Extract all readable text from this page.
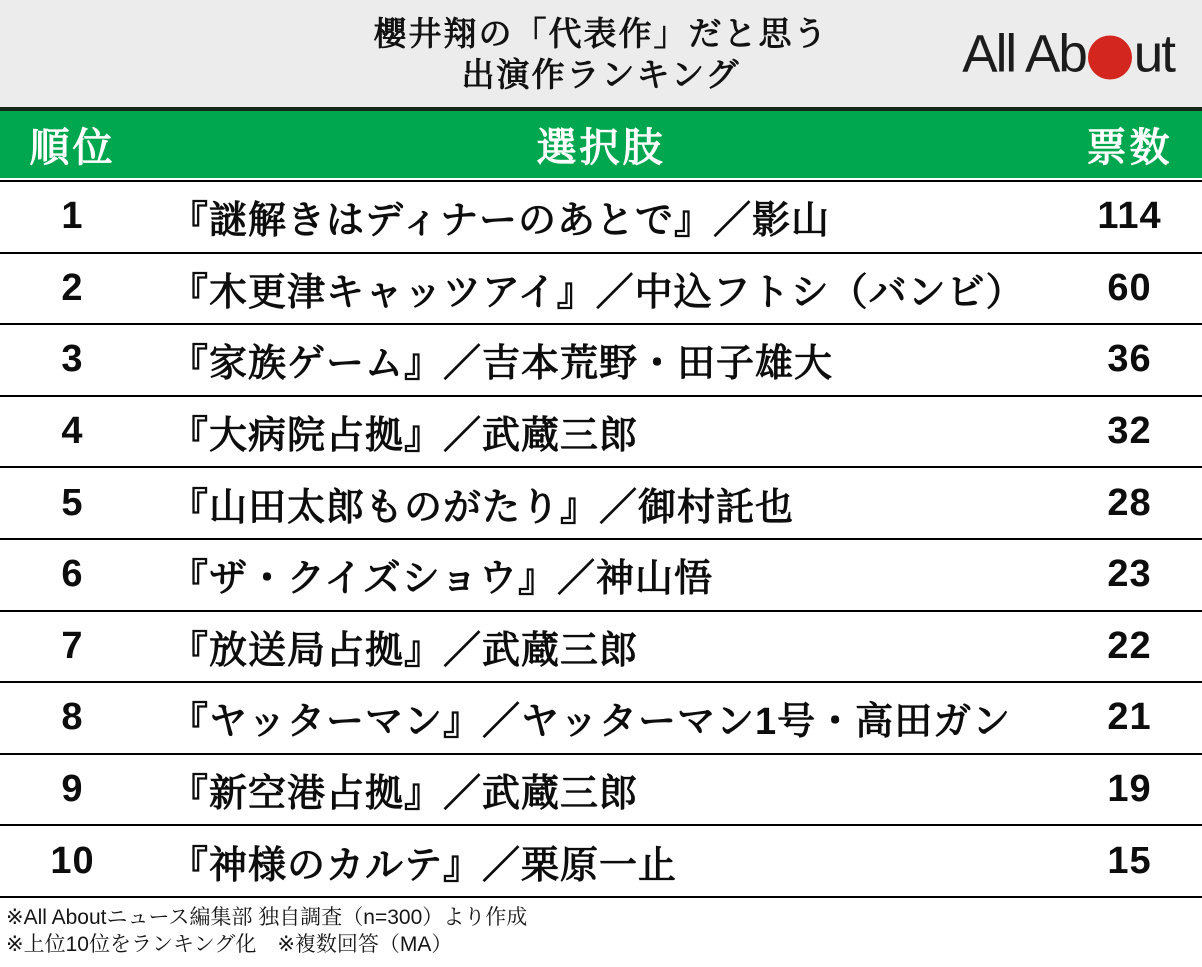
櫻井翔の「代表作」だと思う
出演作ランキング	All Ab ut
順位	選択肢	票数
1	『謎解きはディナーのあとで』／影山	114
2	『木更津キャッツアイ』／中込フトシ（バンビ）	60
3	『家族ゲーム』／吉本荒野・田子雄大	36
4	『大病院占拠』／武蔵三郎	32
5	『山田太郎ものがたり』／御村託也	28
6	『ザ・クイズショウ』／神山悟	23
7	『放送局占拠』／武蔵三郎	22
8	『ヤッターマン』／ヤッターマン1号・高田ガン	21
9	『新空港占拠』／武蔵三郎	19
10	『神様のカルテ』／栗原一止	15
※All Aboutニュース編集部 独自調査（n=300）より作成
※上位10位をランキング化　※複数回答（MA）
